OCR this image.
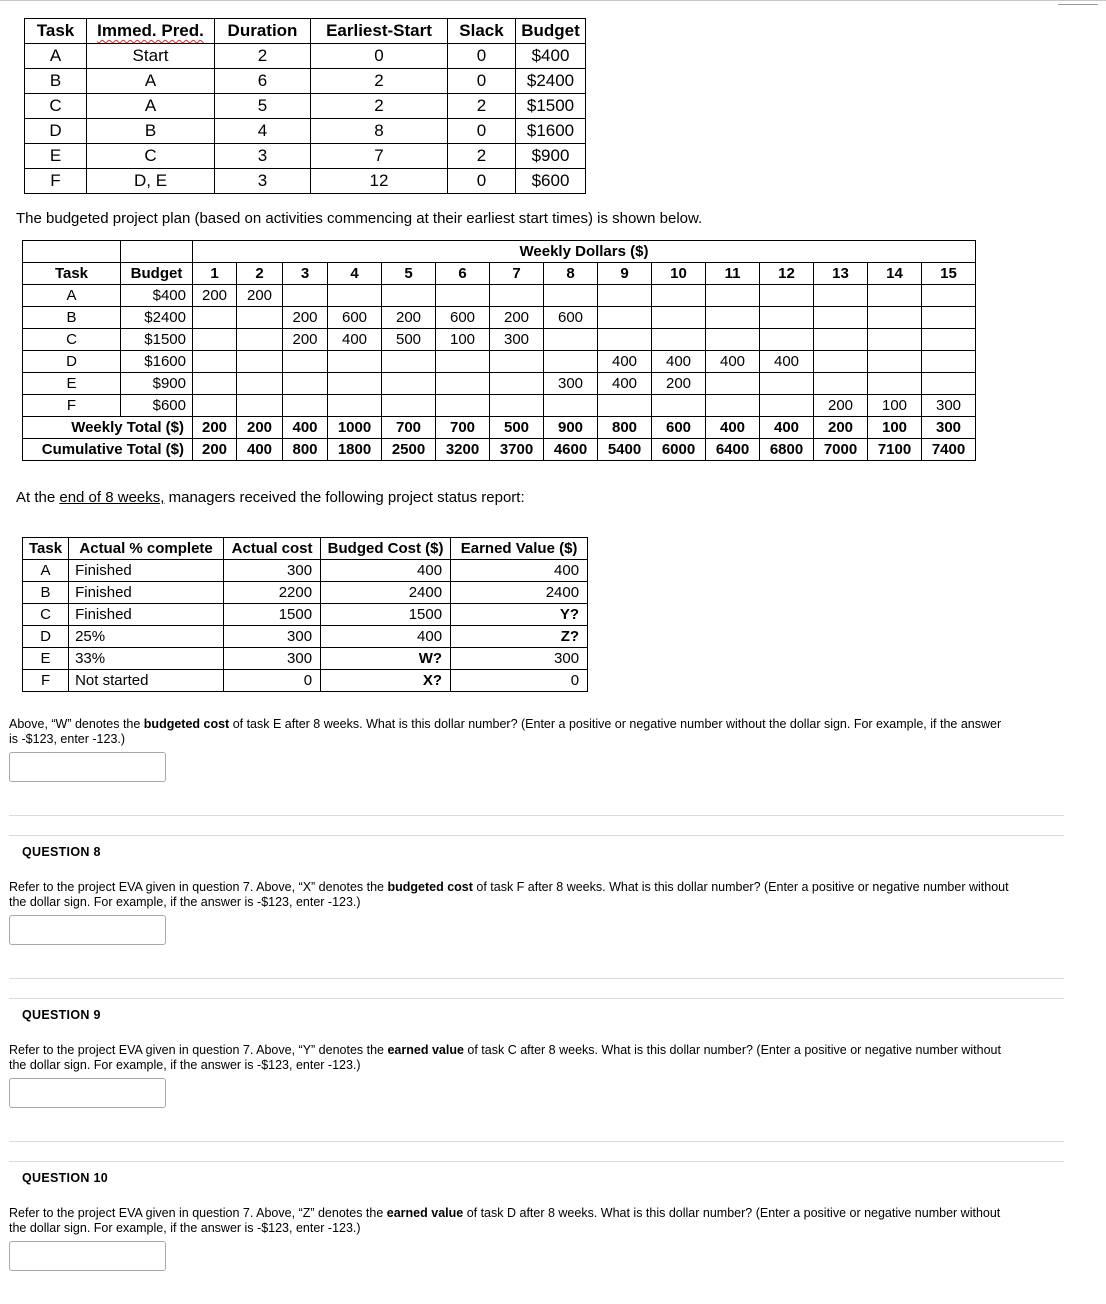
Task	Immed. Pred.	Duration	Earliest-Start	Slack	Budget
A	Start	2	0	0	$400
B	A	6	2	0	$2400
C	A	5	2	2	$1500
D	B	4	8	0	$1600
E	C	3	7	2	$900
F	D, E	3	12	0	$600
The budgeted project plan (based on activities commencing at their earliest start times) is shown below.
		Weekly Dollars ($)														
Task	Budget	1	2	3	4	5	6	7	8	9	10	11	12	13	14	15
A	$400	200	200													
B	$2400			200	600	200	600	200	600							
C	$1500			200	400	500	100	300								
D	$1600									400	400	400	400			
E	$900								300	400	200					
F	$600													200	100	300
Weekly Total ($)		200	200	400	1000	700	700	500	900	800	600	400	400	200	100	300
Cumulative Total ($)		200	400	800	1800	2500	3200	3700	4600	5400	6000	6400	6800	7000	7100	7400
At the end of 8 weeks, managers received the following project status report:
Task	Actual % complete	Actual cost	Budged Cost ($)	Earned Value ($)
A	Finished	300	400	400
B	Finished	2200	2400	2400
C	Finished	1500	1500	Y?
D	25%	300	400	Z?
E	33%	300	W?	300
F	Not started	0	X?	0
Above, “W” denotes the budgeted cost of task E after 8 weeks. What is this dollar number? (Enter a positive or negative number without the dollar sign. For example, if the answer is -$123, enter -123.)
QUESTION 8
Refer to the project EVA given in question 7. Above, “X” denotes the budgeted cost of task F after 8 weeks. What is this dollar number? (Enter a positive or negative number without the dollar sign. For example, if the answer is -$123, enter -123.)
QUESTION 9
Refer to the project EVA given in question 7. Above, “Y” denotes the earned value of task C after 8 weeks. What is this dollar number? (Enter a positive or negative number without the dollar sign. For example, if the answer is -$123, enter -123.)
QUESTION 10
Refer to the project EVA given in question 7. Above, “Z” denotes the earned value of task D after 8 weeks. What is this dollar number? (Enter a positive or negative number without the dollar sign. For example, if the answer is -$123, enter -123.)
